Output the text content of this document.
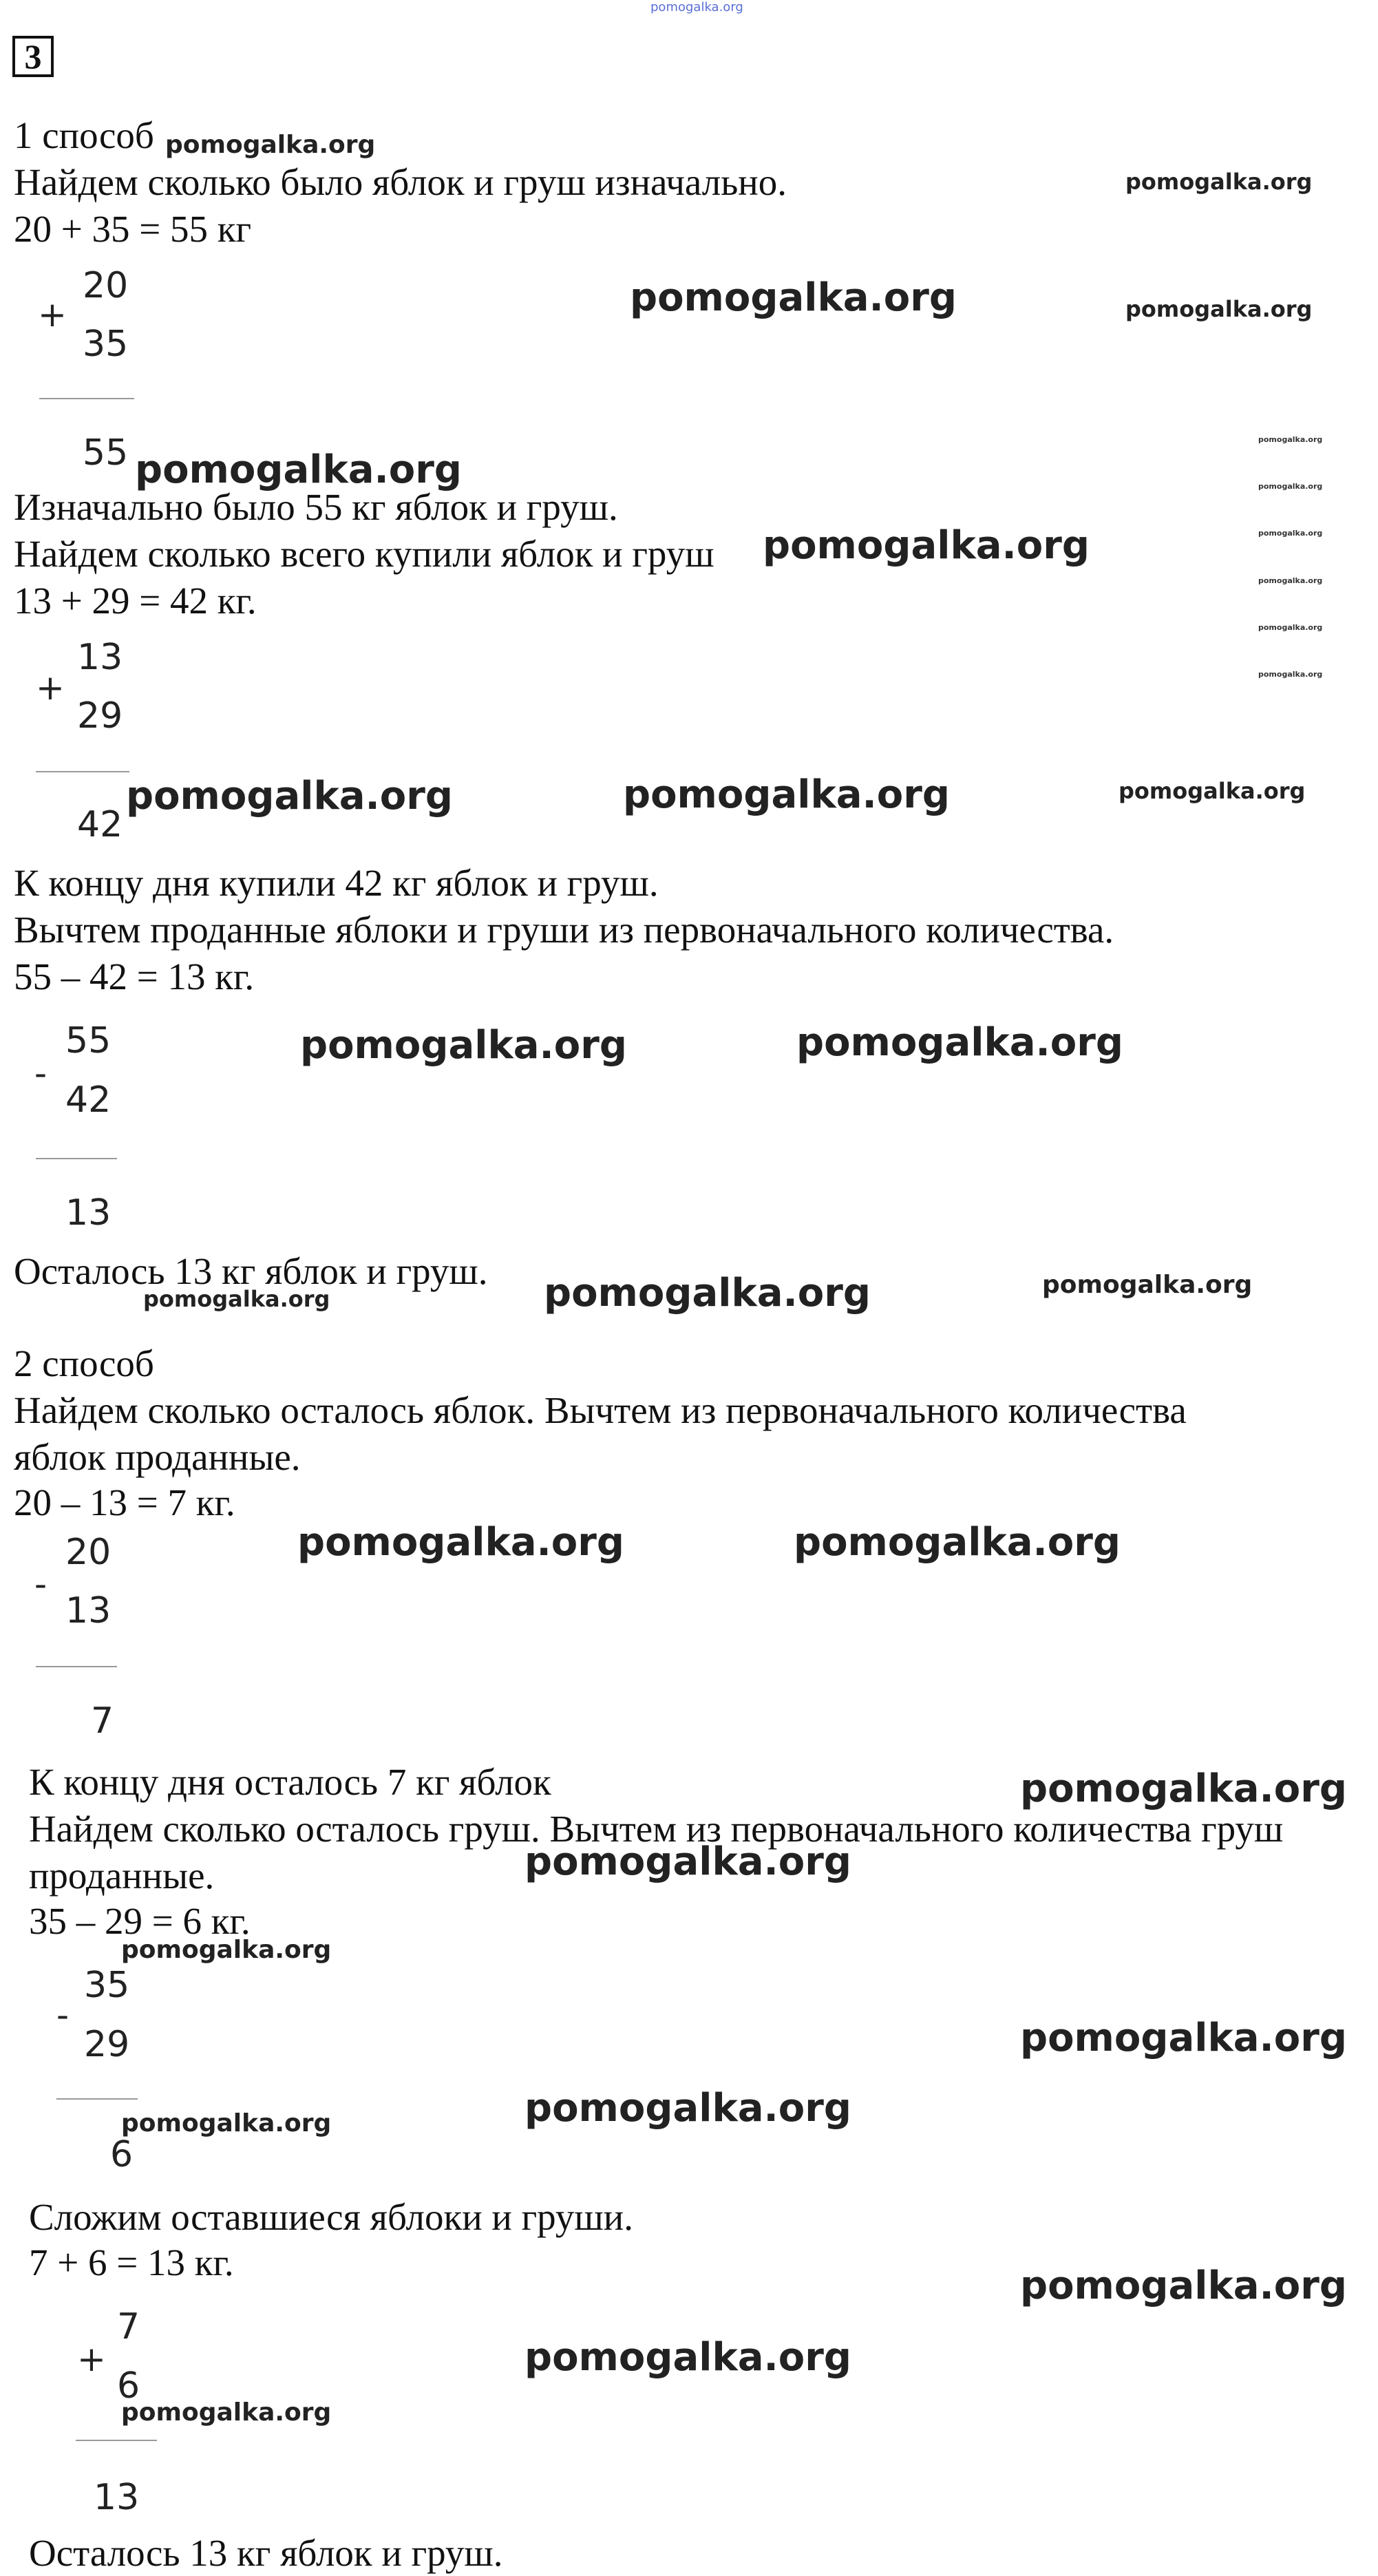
pomogalka.org
3
1 способ
Найдем сколько было яблок и груш изначально.
20 + 35 = 55 кг
+
20
35
55
Изначально было 55 кг яблок и груш.
Найдем сколько всего купили яблок и груш
13 + 29 = 42 кг.
+
13
29
42
К концу дня купили 42 кг яблок и груш.
Вычтем проданные яблоки и груши из первоначального количества.
55 – 42 = 13 кг.
-
55
42
13
Осталось 13 кг яблок и груш.
2 способ
Найдем сколько осталось яблок. Вычтем из первоначального количества
яблок проданные.
20 – 13 = 7 кг.
-
20
13
7
К концу дня осталось 7 кг яблок
Найдем сколько осталось груш. Вычтем из первоначального количества груш
проданные.
35 – 29 = 6 кг.
-
35
29
6
Сложим оставшиеся яблоки и груши.
7 + 6 = 13 кг.
+
7
6
13
Осталось 13 кг яблок и груш.
pomogalka.org
pomogalka.org
pomogalka.org	pomogalka.org
pomogalka.org
pomogalka.org
pomogalka.org
pomogalka.org
pomogalka.org
pomogalka.org
pomogalka.org
pomogalka.org
pomogalka.org	pomogalka.org	pomogalka.org
pomogalka.org	pomogalka.org
pomogalka.org	pomogalka.org	pomogalka.org
pomogalka.org	pomogalka.org
pomogalka.org
pomogalka.org
pomogalka.org
pomogalka.org
pomogalka.org
pomogalka.org
pomogalka.org
pomogalka.org
pomogalka.org
